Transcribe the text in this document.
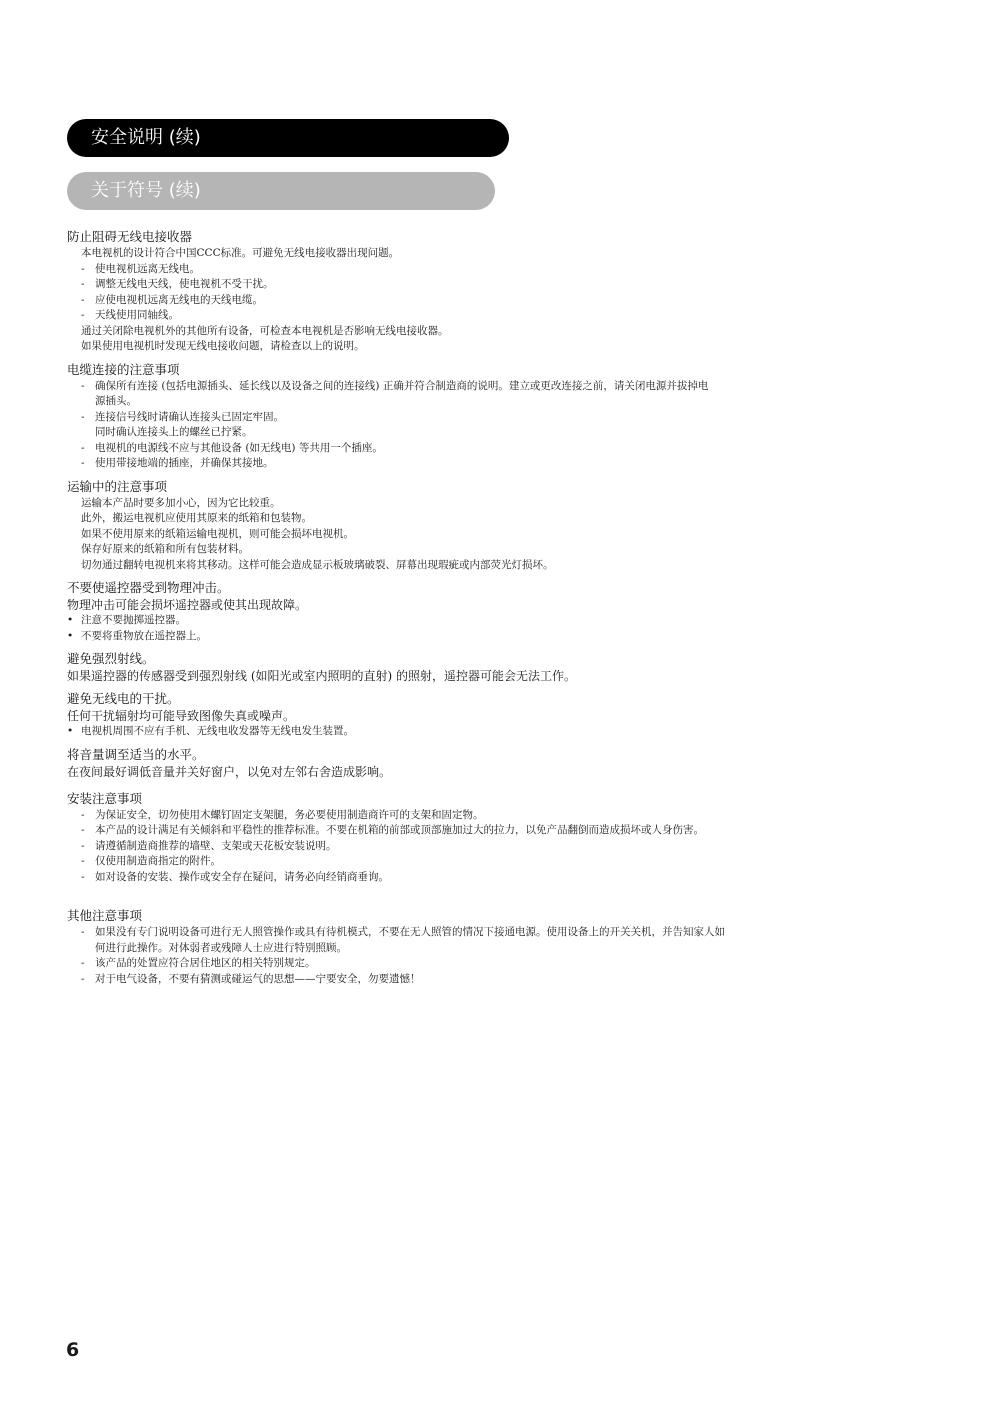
安全说明 (续)
关于符号 (续)

防止阻碍无线电接收器

本电视机的设计符合中国CCC标准。可避免无线电接收器出现问题。

- 使电视机远离无线电。

- 调整无线电天线，使电视机不受干扰。

- 应使电视机远离无线电的天线电缆。

- 天线使用同轴线。

通过关闭除电视机外的其他所有设备，可检查本电视机是否影响无线电接收器。

如果使用电视机时发现无线电接收问题，请检查以上的说明。

电缆连接的注意事项

- 确保所有连接 (包括电源插头、延长线以及设备之间的连接线) 正确并符合制造商的说明。建立或更改连接之前，请关闭电源并拔掉电

源插头。

- 连接信号线时请确认连接头已固定牢固。

同时确认连接头上的螺丝已拧紧。

- 电视机的电源线不应与其他设备 (如无线电) 等共用一个插座。

- 使用带接地端的插座，并确保其接地。

运输中的注意事项

运输本产品时要多加小心，因为它比较重。

此外，搬运电视机应使用其原来的纸箱和包装物。

如果不使用原来的纸箱运输电视机，则可能会损坏电视机。

保存好原来的纸箱和所有包装材料。

切勿通过翻转电视机来将其移动。这样可能会造成显示板玻璃破裂、屏幕出现瑕疵或内部荧光灯损坏。

不要使遥控器受到物理冲击。

物理冲击可能会损坏遥控器或使其出现故障。

• 注意不要抛掷遥控器。

• 不要将重物放在遥控器上。

避免强烈射线。

如果遥控器的传感器受到强烈射线 (如阳光或室内照明的直射) 的照射，遥控器可能会无法工作。

避免无线电的干扰。

任何干扰辐射均可能导致图像失真或噪声。

• 电视机周围不应有手机、无线电收发器等无线电发生装置。

将音量调至适当的水平。

在夜间最好调低音量并关好窗户，以免对左邻右舍造成影响。

安装注意事项

- 为保证安全，切勿使用木螺钉固定支架腿，务必要使用制造商许可的支架和固定物。

- 本产品的设计满足有关倾斜和平稳性的推荐标准。不要在机箱的前部或顶部施加过大的拉力，以免产品翻倒而造成损坏或人身伤害。

- 请遵循制造商推荐的墙壁、支架或天花板安装说明。

- 仅使用制造商指定的附件。

- 如对设备的安装、操作或安全存在疑问，请务必向经销商垂询。

其他注意事项

- 如果没有专门说明设备可进行无人照管操作或具有待机模式，不要在无人照管的情况下接通电源。使用设备上的开关关机，并告知家人如

何进行此操作。对体弱者或残障人士应进行特别照顾。

- 该产品的处置应符合居住地区的相关特别规定。

- 对于电气设备，不要有猜测或碰运气的思想——宁要安全，勿要遗憾！

6
